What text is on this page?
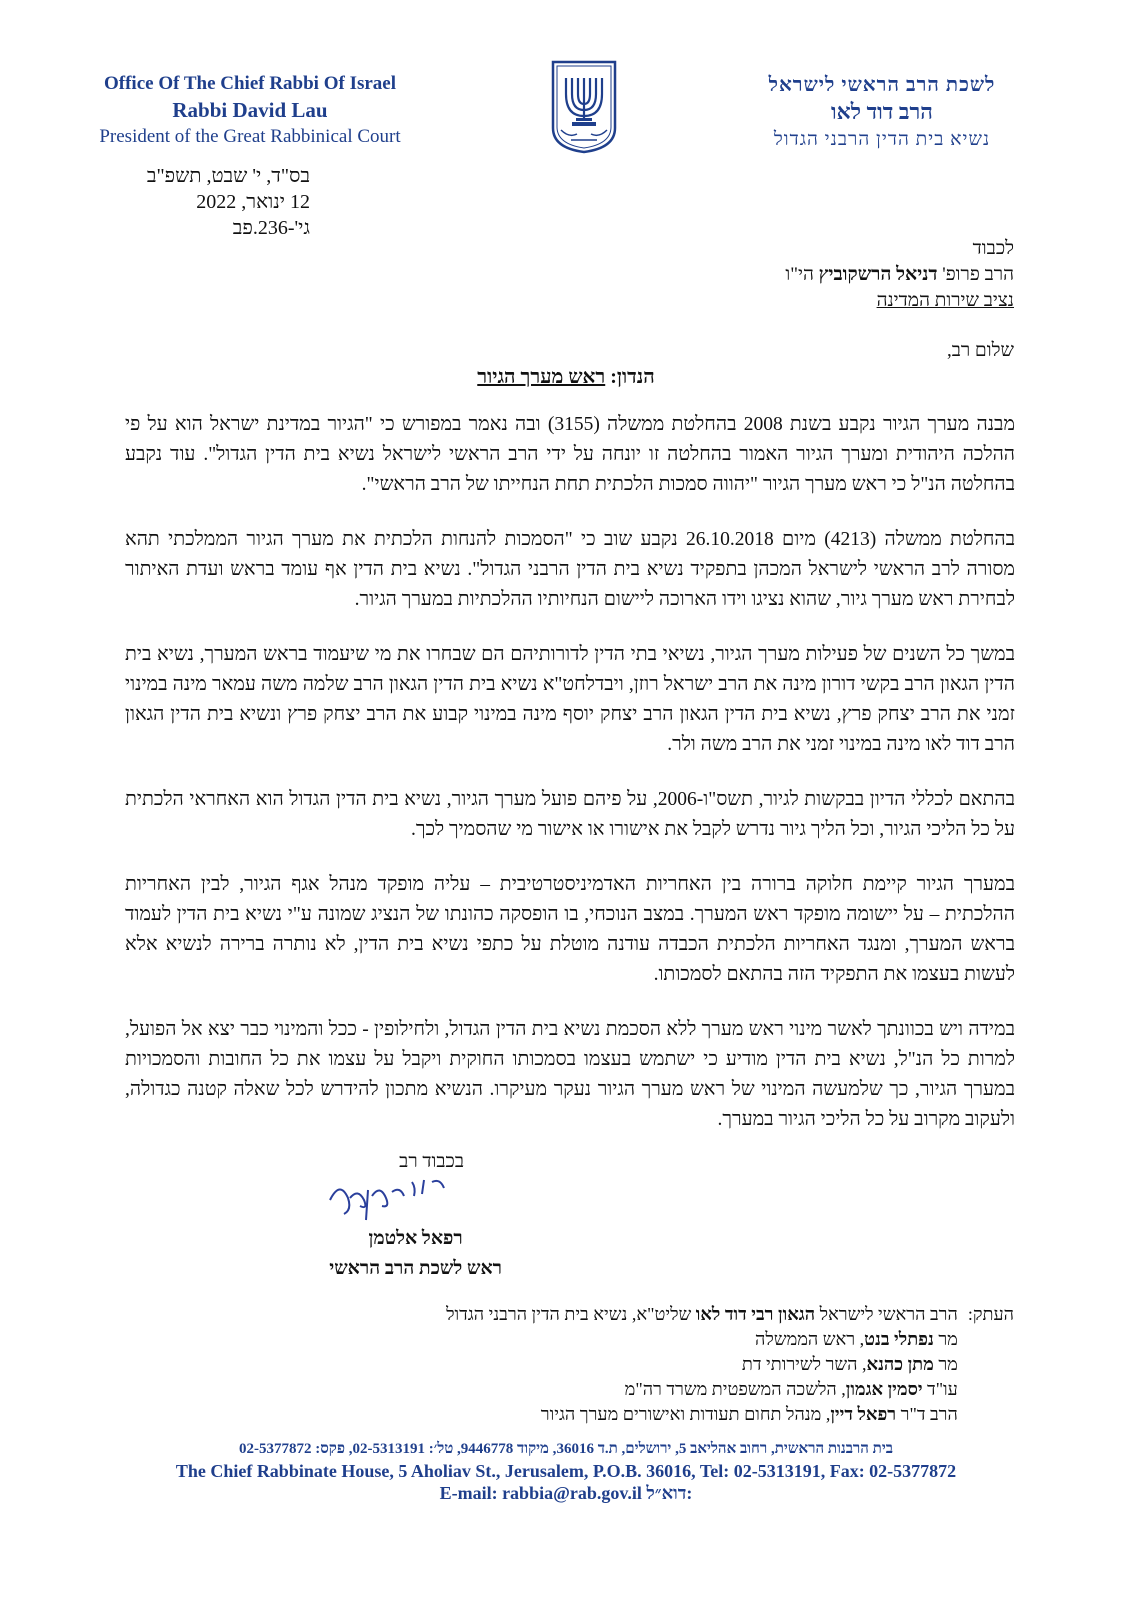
Office Of The Chief Rabbi Of Israel
Rabbi David Lau
President of the Great Rabbinical Court
לשכת הרב הראשי לישראל
הרב דוד לאו
נשיא בית הדין הרבני הגדול
בס"ד, י' שבט, תשפ"ב
12 ינואר, 2022
גי'-236.פב
לכבוד
הרב פרופ' דניאל הרשקוביץ הי"ו
נציב שירות המדינה
שלום רב,
הנדון: ראש מערך הגיור

מבנה מערך הגיור נקבע בשנת 2008 בהחלטת ממשלה (3155) ובה נאמר במפורש כי "הגיור במדינת ישראל הוא על פי ההלכה היהודית ומערך הגיור האמור בהחלטה זו יונחה על ידי הרב הראשי לישראל נשיא בית הדין הגדול". עוד נקבע בהחלטה הנ"ל כי ראש מערך הגיור "יהווה סמכות הלכתית תחת הנחייתו של הרב הראשי".

בהחלטת ממשלה (4213) מיום 26.10.2018 נקבע שוב כי "הסמכות להנחות הלכתית את מערך הגיור הממלכתי תהא מסורה לרב הראשי לישראל המכהן בתפקיד נשיא בית הדין הרבני הגדול". נשיא בית הדין אף עומד בראש ועדת האיתור לבחירת ראש מערך גיור, שהוא נציגו וידו הארוכה ליישום הנחיותיו ההלכתיות במערך הגיור.

במשך כל השנים של פעילות מערך הגיור, נשיאי בתי הדין לדורותיהם הם שבחרו את מי שיעמוד בראש המערך, נשיא בית הדין הגאון הרב בקשי דורון מינה את הרב ישראל רוזן, ויבדלחט"א נשיא בית הדין הגאון הרב שלמה משה עמאר מינה במינוי זמני את הרב יצחק פרץ, נשיא בית הדין הגאון הרב יצחק יוסף מינה במינוי קבוע את הרב יצחק פרץ ונשיא בית הדין הגאון הרב דוד לאו מינה במינוי זמני את הרב משה ולר.

בהתאם לכללי הדיון בבקשות לגיור, תשס"ו-2006, על פיהם פועל מערך הגיור, נשיא בית הדין הגדול הוא האחראי הלכתית על כל הליכי הגיור, וכל הליך גיור נדרש לקבל את אישורו או אישור מי שהסמיך לכך.

במערך הגיור קיימת חלוקה ברורה בין האחריות האדמיניסטרטיבית – עליה מופקד מנהל אגף הגיור, לבין האחריות ההלכתית – על יישומה מופקד ראש המערך. במצב הנוכחי, בו הופסקה כהונתו של הנציג שמונה ע"י נשיא בית הדין לעמוד בראש המערך, ומנגד האחריות הלכתית הכבדה עודנה מוטלת על כתפי נשיא בית הדין, לא נותרה ברירה לנשיא אלא לעשות בעצמו את התפקיד הזה בהתאם לסמכותו.

במידה ויש בכוונתך לאשר מינוי ראש מערך ללא הסכמת נשיא בית הדין הגדול, ולחילופין - ככל והמינוי כבר יצא אל הפועל, למרות כל הנ"ל, נשיא בית הדין מודיע כי ישתמש בעצמו בסמכותו החוקית ויקבל על עצמו את כל החובות והסמכויות במערך הגיור, כך שלמעשה המינוי של ראש מערך הגיור נעקר מעיקרו. הנשיא מתכון להידרש לכל שאלה קטנה כגדולה, ולעקוב מקרוב על כל הליכי הגיור במערך.

בכבוד רב
רפאל אלטמן
ראש לשכת הרב הראשי
העתק:
הרב הראשי לישראל הגאון רבי דוד לאו שליט"א, נשיא בית הדין הרבני הגדול
מר נפתלי בנט, ראש הממשלה
מר מתן כהנא, השר לשירותי דת
עו"ד יסמין אגמון, הלשכה המשפטית משרד רה"מ
הרב ד"ר רפאל דיין, מנהל תחום תעודות ואישורים מערך הגיור
בית הרבנות הראשית, רחוב אהליאב 5, ירושלים, ת.ד 36016, מיקוד 9446778, טל׳: 02-5313191, פקס: 02-5377872
The Chief Rabbinate House, 5 Aholiav St., Jerusalem, P.O.B. 36016, Tel: 02-5313191, Fax: 02-5377872
E-mail: rabbia@rab.gov.il דוא״ל:
